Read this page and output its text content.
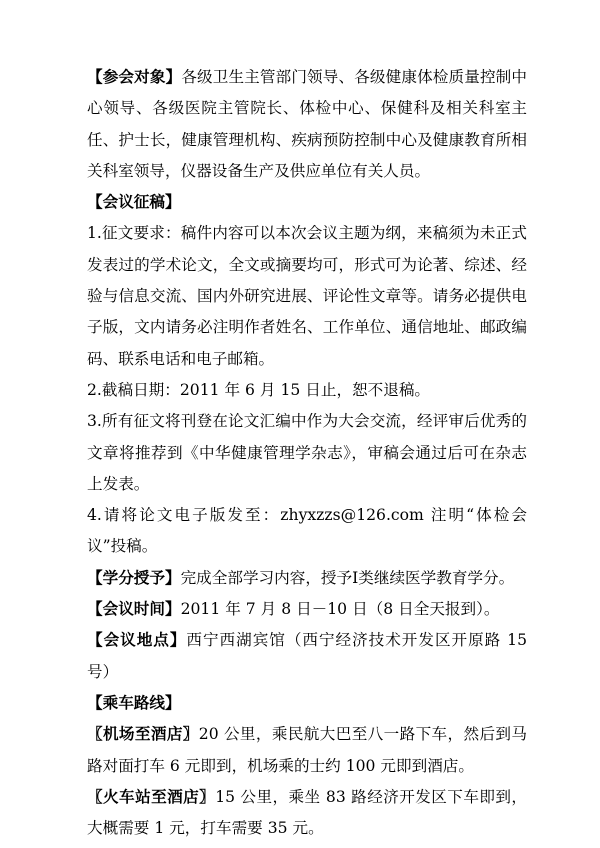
【参会对象】各级卫生主管部门领导、各级健康体检质量控制中心领导、各级医院主管院长、体检中心、保健科及相关科室主任、护士长，健康管理机构、疾病预防控制中心及健康教育所相关科室领导，仪器设备生产及供应单位有关人员。

【会议征稿】

1.征文要求：稿件内容可以本次会议主题为纲，来稿须为未正式发表过的学术论文，全文或摘要均可，形式可为论著、综述、经验与信息交流、国内外研究进展、评论性文章等。请务必提供电子版，文内请务必注明作者姓名、工作单位、通信地址、邮政编码、联系电话和电子邮箱。

2.截稿日期：2011 年 6 月 15 日止，恕不退稿。

3.所有征文将刊登在论文汇编中作为大会交流，经评审后优秀的文章将推荐到《中华健康管理学杂志》，审稿会通过后可在杂志上发表。

4.请将论文电子版发至：zhyxzzs@126.com 注明“体检会议”投稿。

【学分授予】完成全部学习内容，授予Ⅰ类继续医学教育学分。

【会议时间】2011 年 7 月 8 日－10 日（8 日全天报到）。

【会议地点】西宁西湖宾馆（西宁经济技术开发区开原路 15 号）

【乘车路线】

〖机场至酒店〗20 公里，乘民航大巴至八一路下车，然后到马路对面打车 6 元即到，机场乘的士约 100 元即到酒店。

〖火车站至酒店〗15 公里，乘坐 83 路经济开发区下车即到，大概需要 1 元，打车需要 35 元。
